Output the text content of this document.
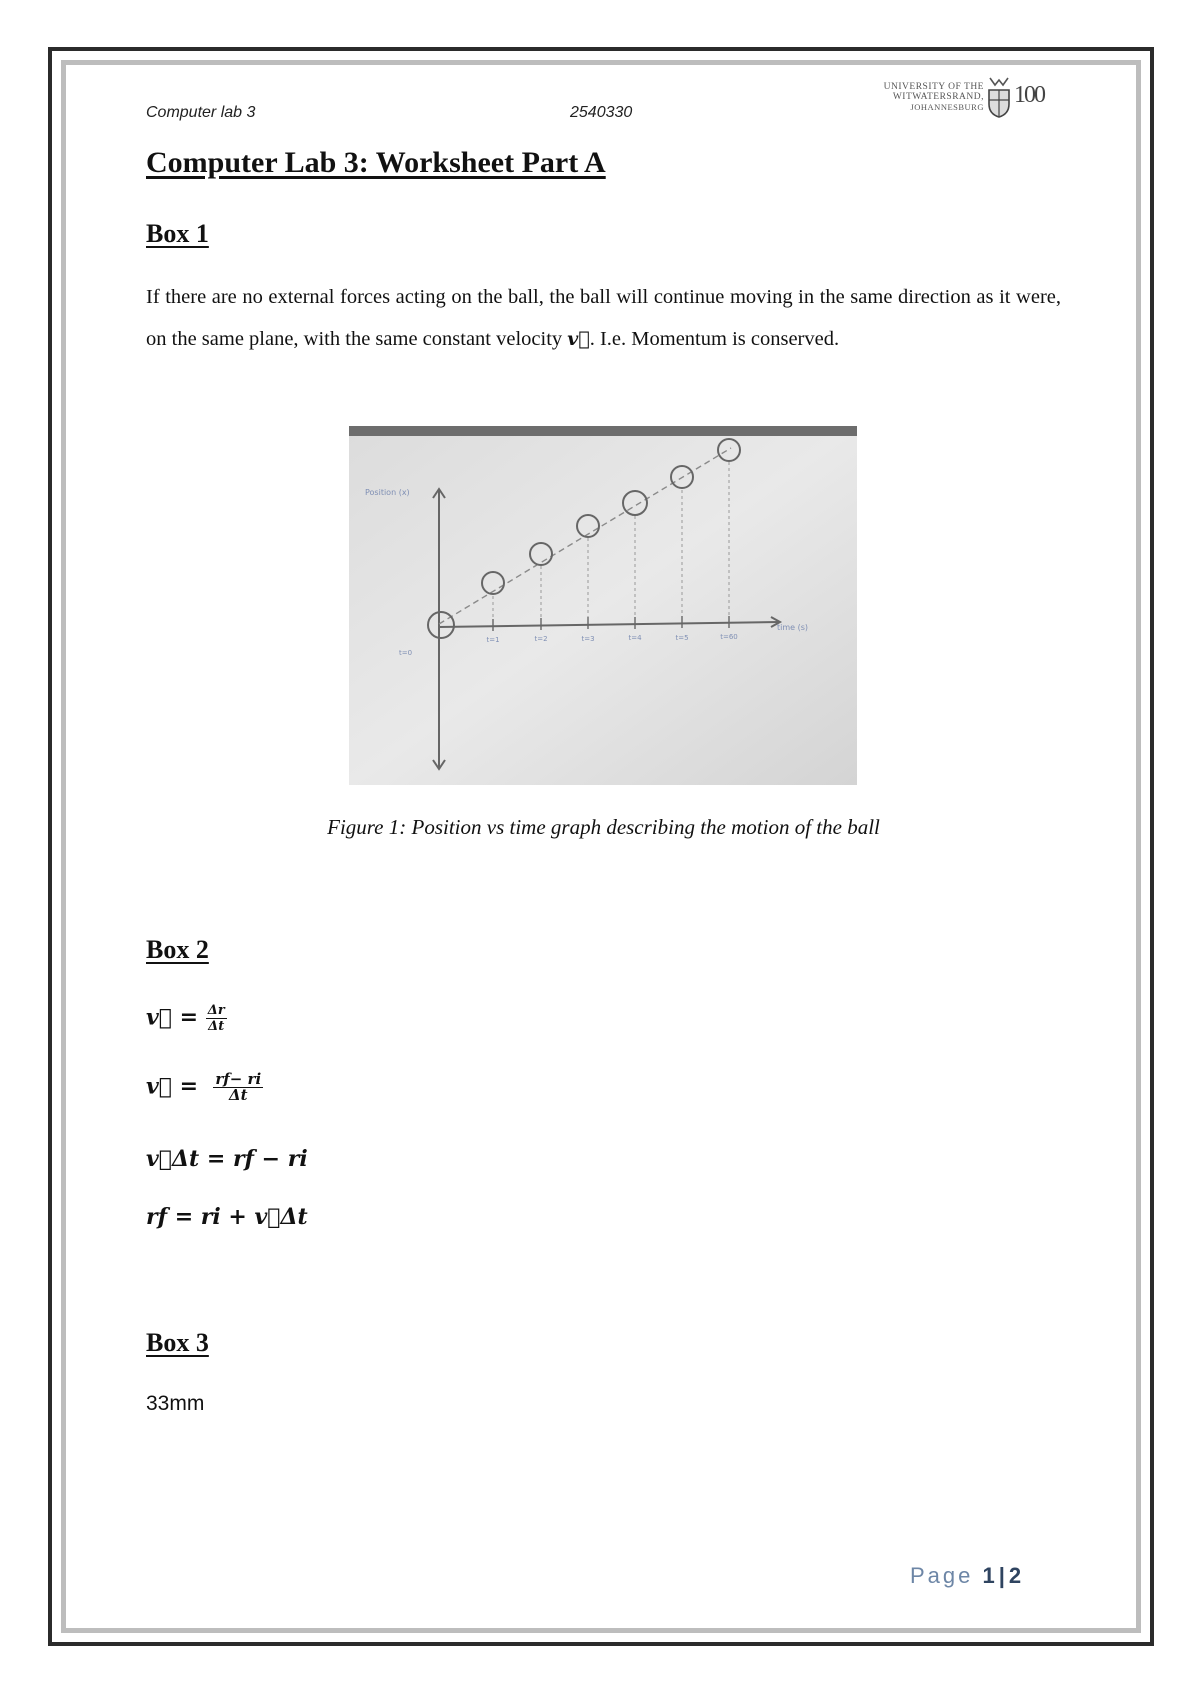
Computer lab 3	2540330
UNIVERSITY OF THE
WITWATERSRAND,
JOHANNESBURG 100
Computer Lab 3: Worksheet Part A
Box 1
If there are no external forces acting on the ball, the ball will continue moving in the same direction as it were, on the same plane, with the same constant velocity v⃗. I.e. Momentum is conserved.
Position (x)
time (s)
t=0
t=1	t=2	t=3	t=4	t=5	t=60
Figure 1: Position vs time graph describing the motion of the ball
Box 2
v⃗ = $\frac{\Delta r}{\Delta t}$
v⃗ = $\frac{rf- ri}{\Delta t}$
v⃗Δt = rf − ri
rf = ri + v⃗Δt
Box 3
33mm
Page 1 | 2
